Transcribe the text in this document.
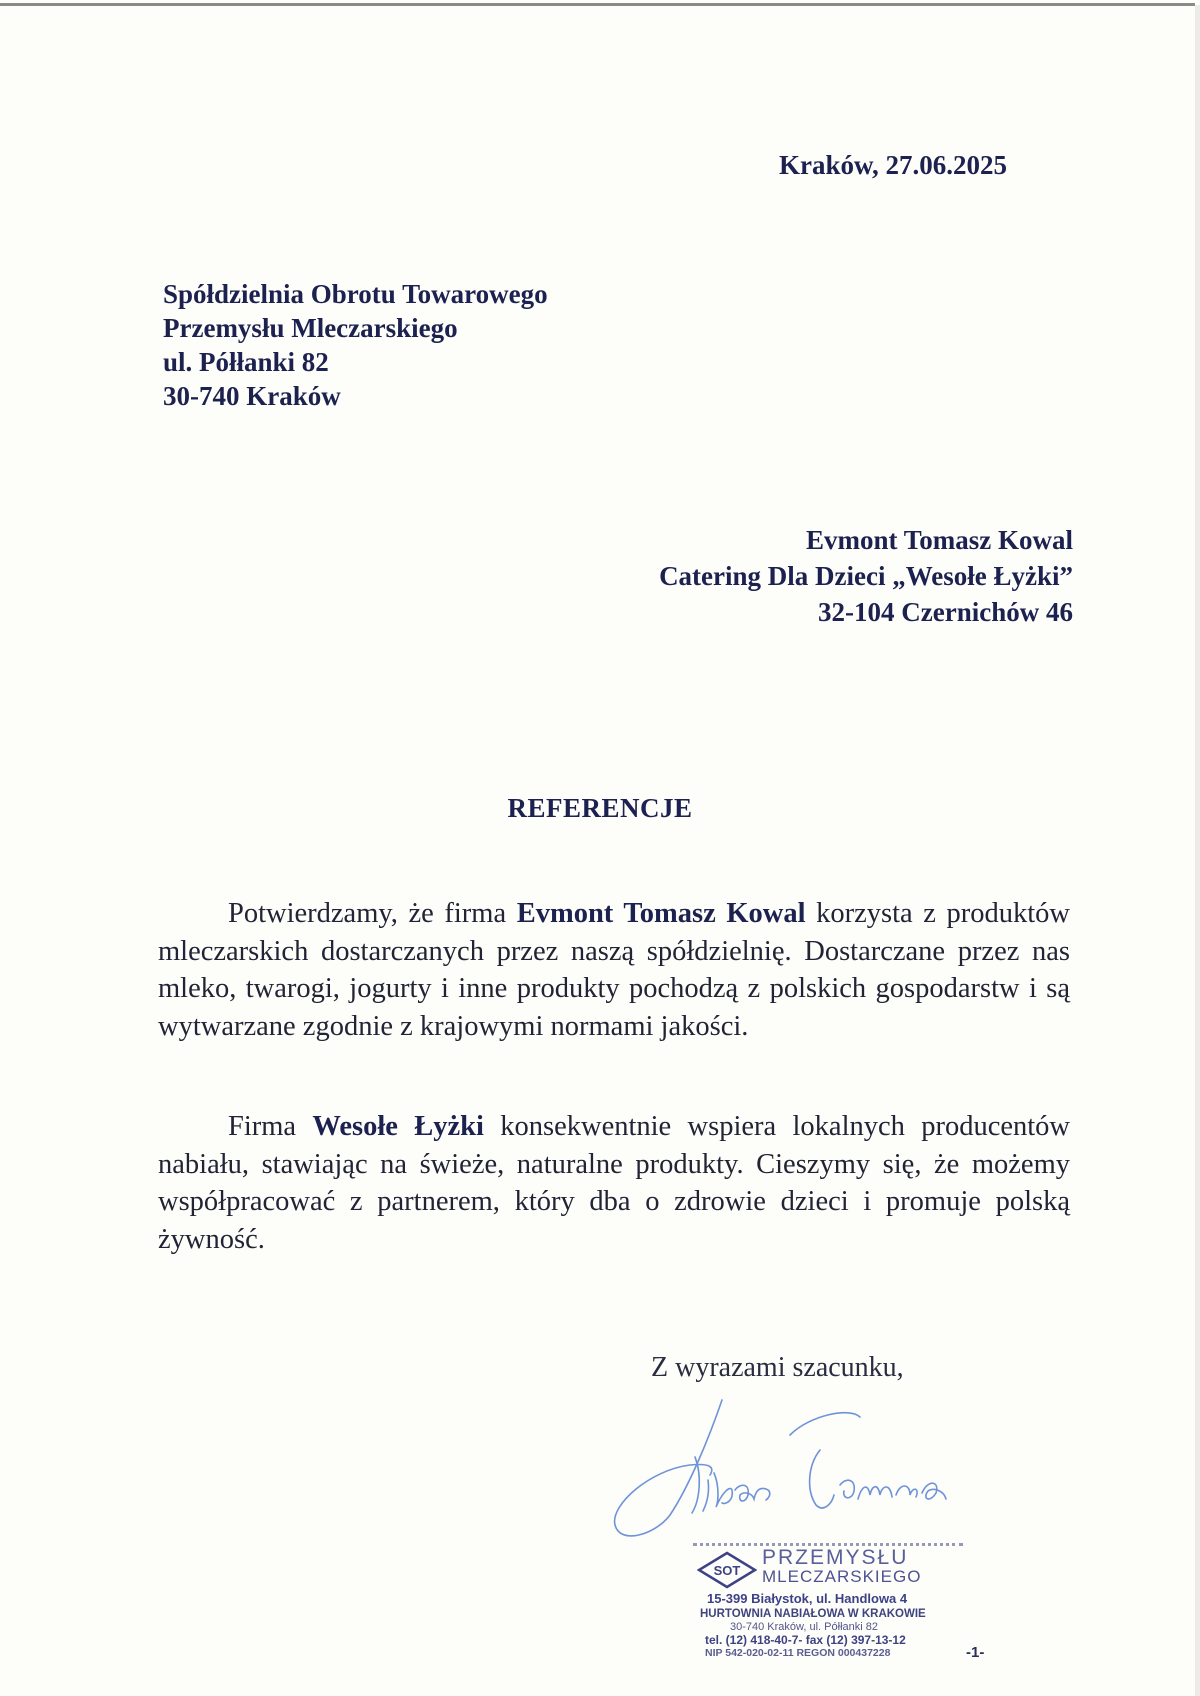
Kraków, 27.06.2025
Spółdzielnia Obrotu Towarowego
Przemysłu Mleczarskiego
ul. Półłanki 82
30-740 Kraków
Evmont Tomasz Kowal
Catering Dla Dzieci „Wesołe Łyżki”
32-104 Czernichów 46
REFERENCJE
Potwierdzamy, że firma Evmont Tomasz Kowal korzysta z produktów mleczarskich dostarczanych przez naszą spółdzielnię. Dostarczane przez nas mleko, twarogi, jogurty i inne produkty pochodzą z polskich gospodarstw i są wytwarzane zgodnie z krajowymi normami jakości.
Firma Wesołe Łyżki konsekwentnie wspiera lokalnych producentów nabiału, stawiając na świeże, naturalne produkty. Cieszymy się, że możemy współpracować z partnerem, który dba o zdrowie dzieci i promuje polską żywność.
Z wyrazami szacunku,
SOT
PRZEMYSŁU
MLECZARSKIEGO
15-399 Białystok, ul. Handlowa 4
HURTOWNIA NABIAŁOWA W KRAKOWIE
30-740 Kraków, ul. Półłanki 82
tel. (12) 418-40-7- fax (12) 397-13-12
NIP 542-020-02-11 REGON 000437228	-1-
